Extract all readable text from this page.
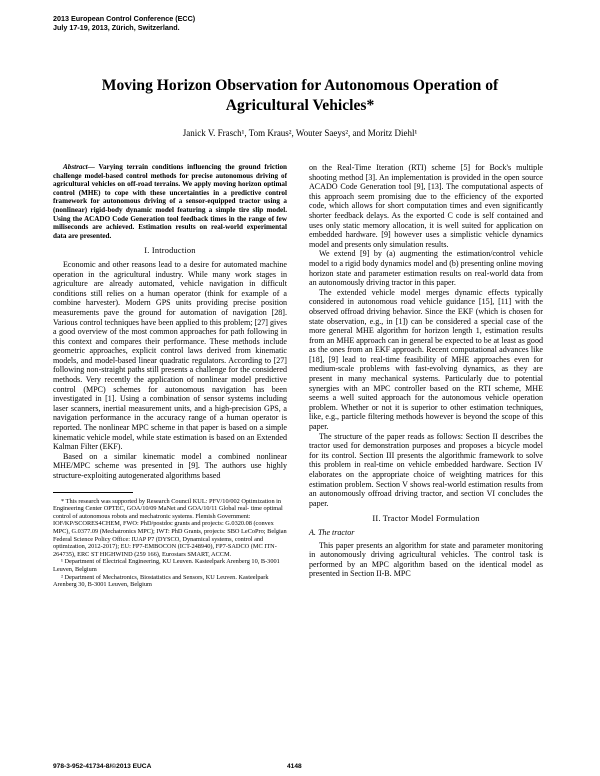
2013 European Control Conference (ECC)
July 17-19, 2013, Zürich, Switzerland.
Moving Horizon Observation for Autonomous Operation of Agricultural Vehicles*
Janick V. Frasch¹, Tom Kraus², Wouter Saeys², and Moritz Diehl¹

Abstract— Varying terrain conditions influencing the ground friction challenge model-based control methods for precise autonomous driving of agricultural vehicles on off-road terrains. We apply moving horizon optimal control (MHE) to cope with these uncertainties in a predictive control framework for autonomous driving of a sensor-equipped tractor using a (nonlinear) rigid-body dynamic model featuring a simple tire slip model. Using the ACADO Code Generation tool feedback times in the range of few miliseconds are achieved. Estimation results on real-world experimental data are presented.

I. Introduction

Economic and other reasons lead to a desire for automated machine operation in the agricultural industry. While many work stages in agriculture are already automated, vehicle navigation in difficult conditions still relies on a human operator (think for example of a combine harvester). Modern GPS units providing precise position measurements pave the ground for automation of navigation [28]. Various control techniques have been applied to this problem; [27] gives a good overview of the most common approaches for path following in this context and compares their performance. These methods include geometric approaches, explicit control laws derived from kinematic models, and model-based linear quadratic regulators. According to [27] following non-straight paths still presents a challenge for the considered methods. Very recently the application of nonlinear model predictive control (MPC) schemes for autonomous navigation has been investigated in [1]. Using a combination of sensor systems including laser scanners, inertial measurement units, and a high-precision GPS, a navigation performance in the accuracy range of a human operator is reported. The nonlinear MPC scheme in that paper is based on a simple kinematic vehicle model, while state estimation is based on an Extended Kalman Filter (EKF).

Based on a similar kinematic model a combined nonlinear MHE/MPC scheme was presented in [9]. The authors use highly structure-exploiting autogenerated algorithms based

* This research was supported by Research Council KUL: PFV/10/002 Optimization in Engineering Center OPTEC, GOA/10/09 MaNet and GOA/10/11 Global real- time optimal control of autonomous robots and mechatronic systems. Flemish Government: IOF/KP/SCORES4CHEM, FWO: PhD/postdoc grants and projects: G.0320.08 (convex MPC), G.0377.09 (Mechatronics MPC); IWT: PhD Grants, projects: SBO LeCoPro; Belgian Federal Science Policy Office: IUAP P7 (DYSCO, Dynamical systems, control and optimization, 2012-2017); EU: FP7-EMBOCON (ICT-248940), FP7-SADCO (MC ITN-264735), ERC ST HIGHWIND (259 166), Eurostars SMART, ACCM.

¹ Department of Electrical Engineering, KU Leuven. Kasteelpark Arenberg 10, B-3001 Leuven, Belgium

² Department of Mechatronics, Biostatistics and Sensors, KU Leuven. Kasteelpark Arenberg 30, B-3001 Leuven, Belgium

on the Real-Time Iteration (RTI) scheme [5] for Bock's multiple shooting method [3]. An implementation is provided in the open source ACADO Code Generation tool [9], [13]. The computational aspects of this approach seem promising due to the efficiency of the exported code, which allows for short computation times and even significantly shorter feedback delays. As the exported C code is self contained and uses only static memory allocation, it is well suited for application on embedded hardware. [9] however uses a simplistic vehicle dynamics model and presents only simulation results.

We extend [9] by (a) augmenting the estimation/control vehicle model to a rigid body dynamics model and (b) presenting online moving horizon state and parameter estimation results on real-world data from an autonomously driving tractor in this paper.

The extended vehicle model merges dynamic effects typically considered in autonomous road vehicle guidance [15], [11] with the observed offroad driving behavior. Since the EKF (which is chosen for state observation, e.g., in [1]) can be considered a special case of the more general MHE algorithm for horizon length 1, estimation results from an MHE approach can in general be expected to be at least as good as the ones from an EKF approach. Recent computational advances like [18], [9] lead to real-time feasibility of MHE approaches even for medium-scale problems with fast-evolving dynamics, as they are present in many mechanical systems. Particularly due to potential synergies with an MPC controller based on the RTI scheme, MHE seems a well suited approach for the autonomous vehicle operation problem. Whether or not it is superior to other estimation techniques, like, e.g., particle filtering methods however is beyond the scope of this paper.

The structure of the paper reads as follows: Section II describes the tractor used for demonstration purposes and proposes a bicycle model for its control. Section III presents the algorithmic framework to solve this problem in real-time on vehicle embedded hardware. Section IV elaborates on the appropriate choice of weighting matrices for this estimation problem. Section V shows real-world estimation results from an autonomously offroad driving tractor, and section VI concludes the paper.

II. Tractor Model Formulation
A. The tractor

This paper presents an algorithm for state and parameter monitoring in autonomously driving agricultural vehicles. The control task is performed by an MPC algorithm based on the identical model as presented in Section II-B. MPC

978-3-952-41734-8/©2013 EUCA	4148
